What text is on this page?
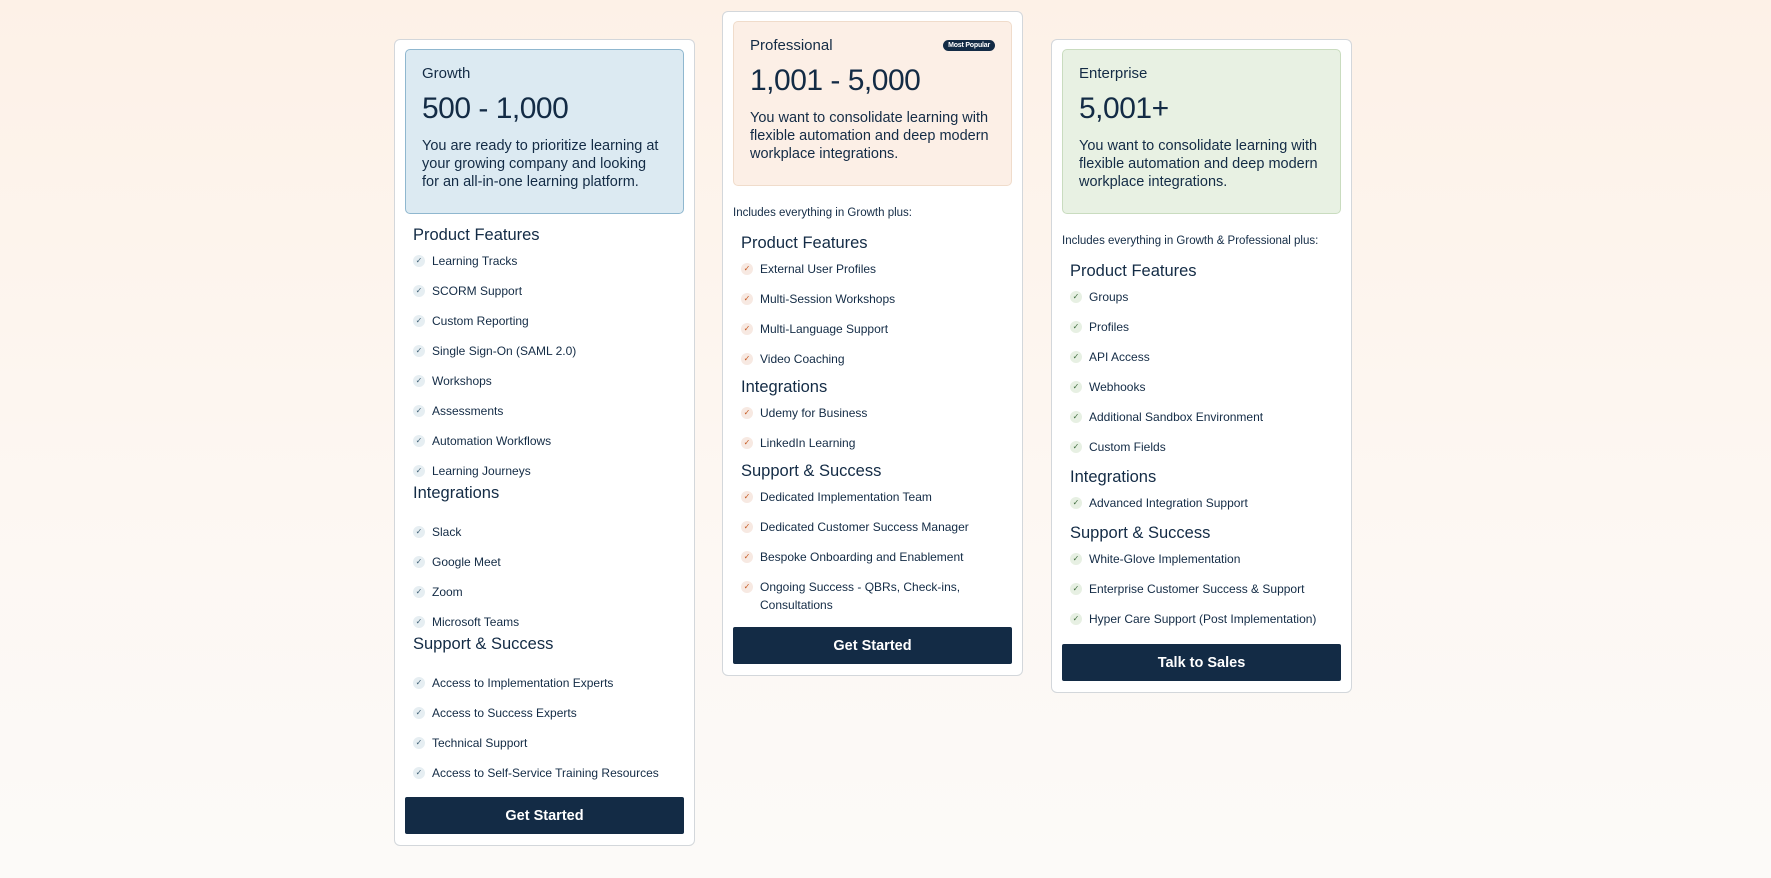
Growth
500 - 1,000
You are ready to prioritize learning at your growing company and looking for an all-in-one learning platform.
Product Features
✓ Learning Tracks
✓ SCORM Support
✓ Custom Reporting
✓ Single Sign-On (SAML 2.0)
✓ Workshops
✓ Assessments
✓ Automation Workflows
✓ Learning Journeys
Integrations
✓ Slack
✓ Google Meet
✓ Zoom
✓ Microsoft Teams
Support & Success
✓ Access to Implementation Experts
✓ Access to Success Experts
✓ Technical Support
✓ Access to Self-Service Training Resources
Get Started
Professional	Most Popular
1,001 - 5,000
You want to consolidate learning with flexible automation and deep modern workplace integrations.
Includes everything in Growth plus:
Product Features
✓ External User Profiles
✓ Multi-Session Workshops
✓ Multi-Language Support
✓ Video Coaching
Integrations
✓ Udemy for Business
✓ LinkedIn Learning
Support & Success
✓ Dedicated Implementation Team
✓ Dedicated Customer Success Manager
✓ Bespoke Onboarding and Enablement
✓ Ongoing Success - QBRs, Check-ins, Consultations
Get Started
Enterprise
5,001+
You want to consolidate learning with flexible automation and deep modern workplace integrations.
Includes everything in Growth & Professional plus:
Product Features
✓ Groups
✓ Profiles
✓ API Access
✓ Webhooks
✓ Additional Sandbox Environment
✓ Custom Fields
Integrations
✓ Advanced Integration Support
Support & Success
✓ White-Glove Implementation
✓ Enterprise Customer Success & Support
✓ Hyper Care Support (Post Implementation)
Talk to Sales
